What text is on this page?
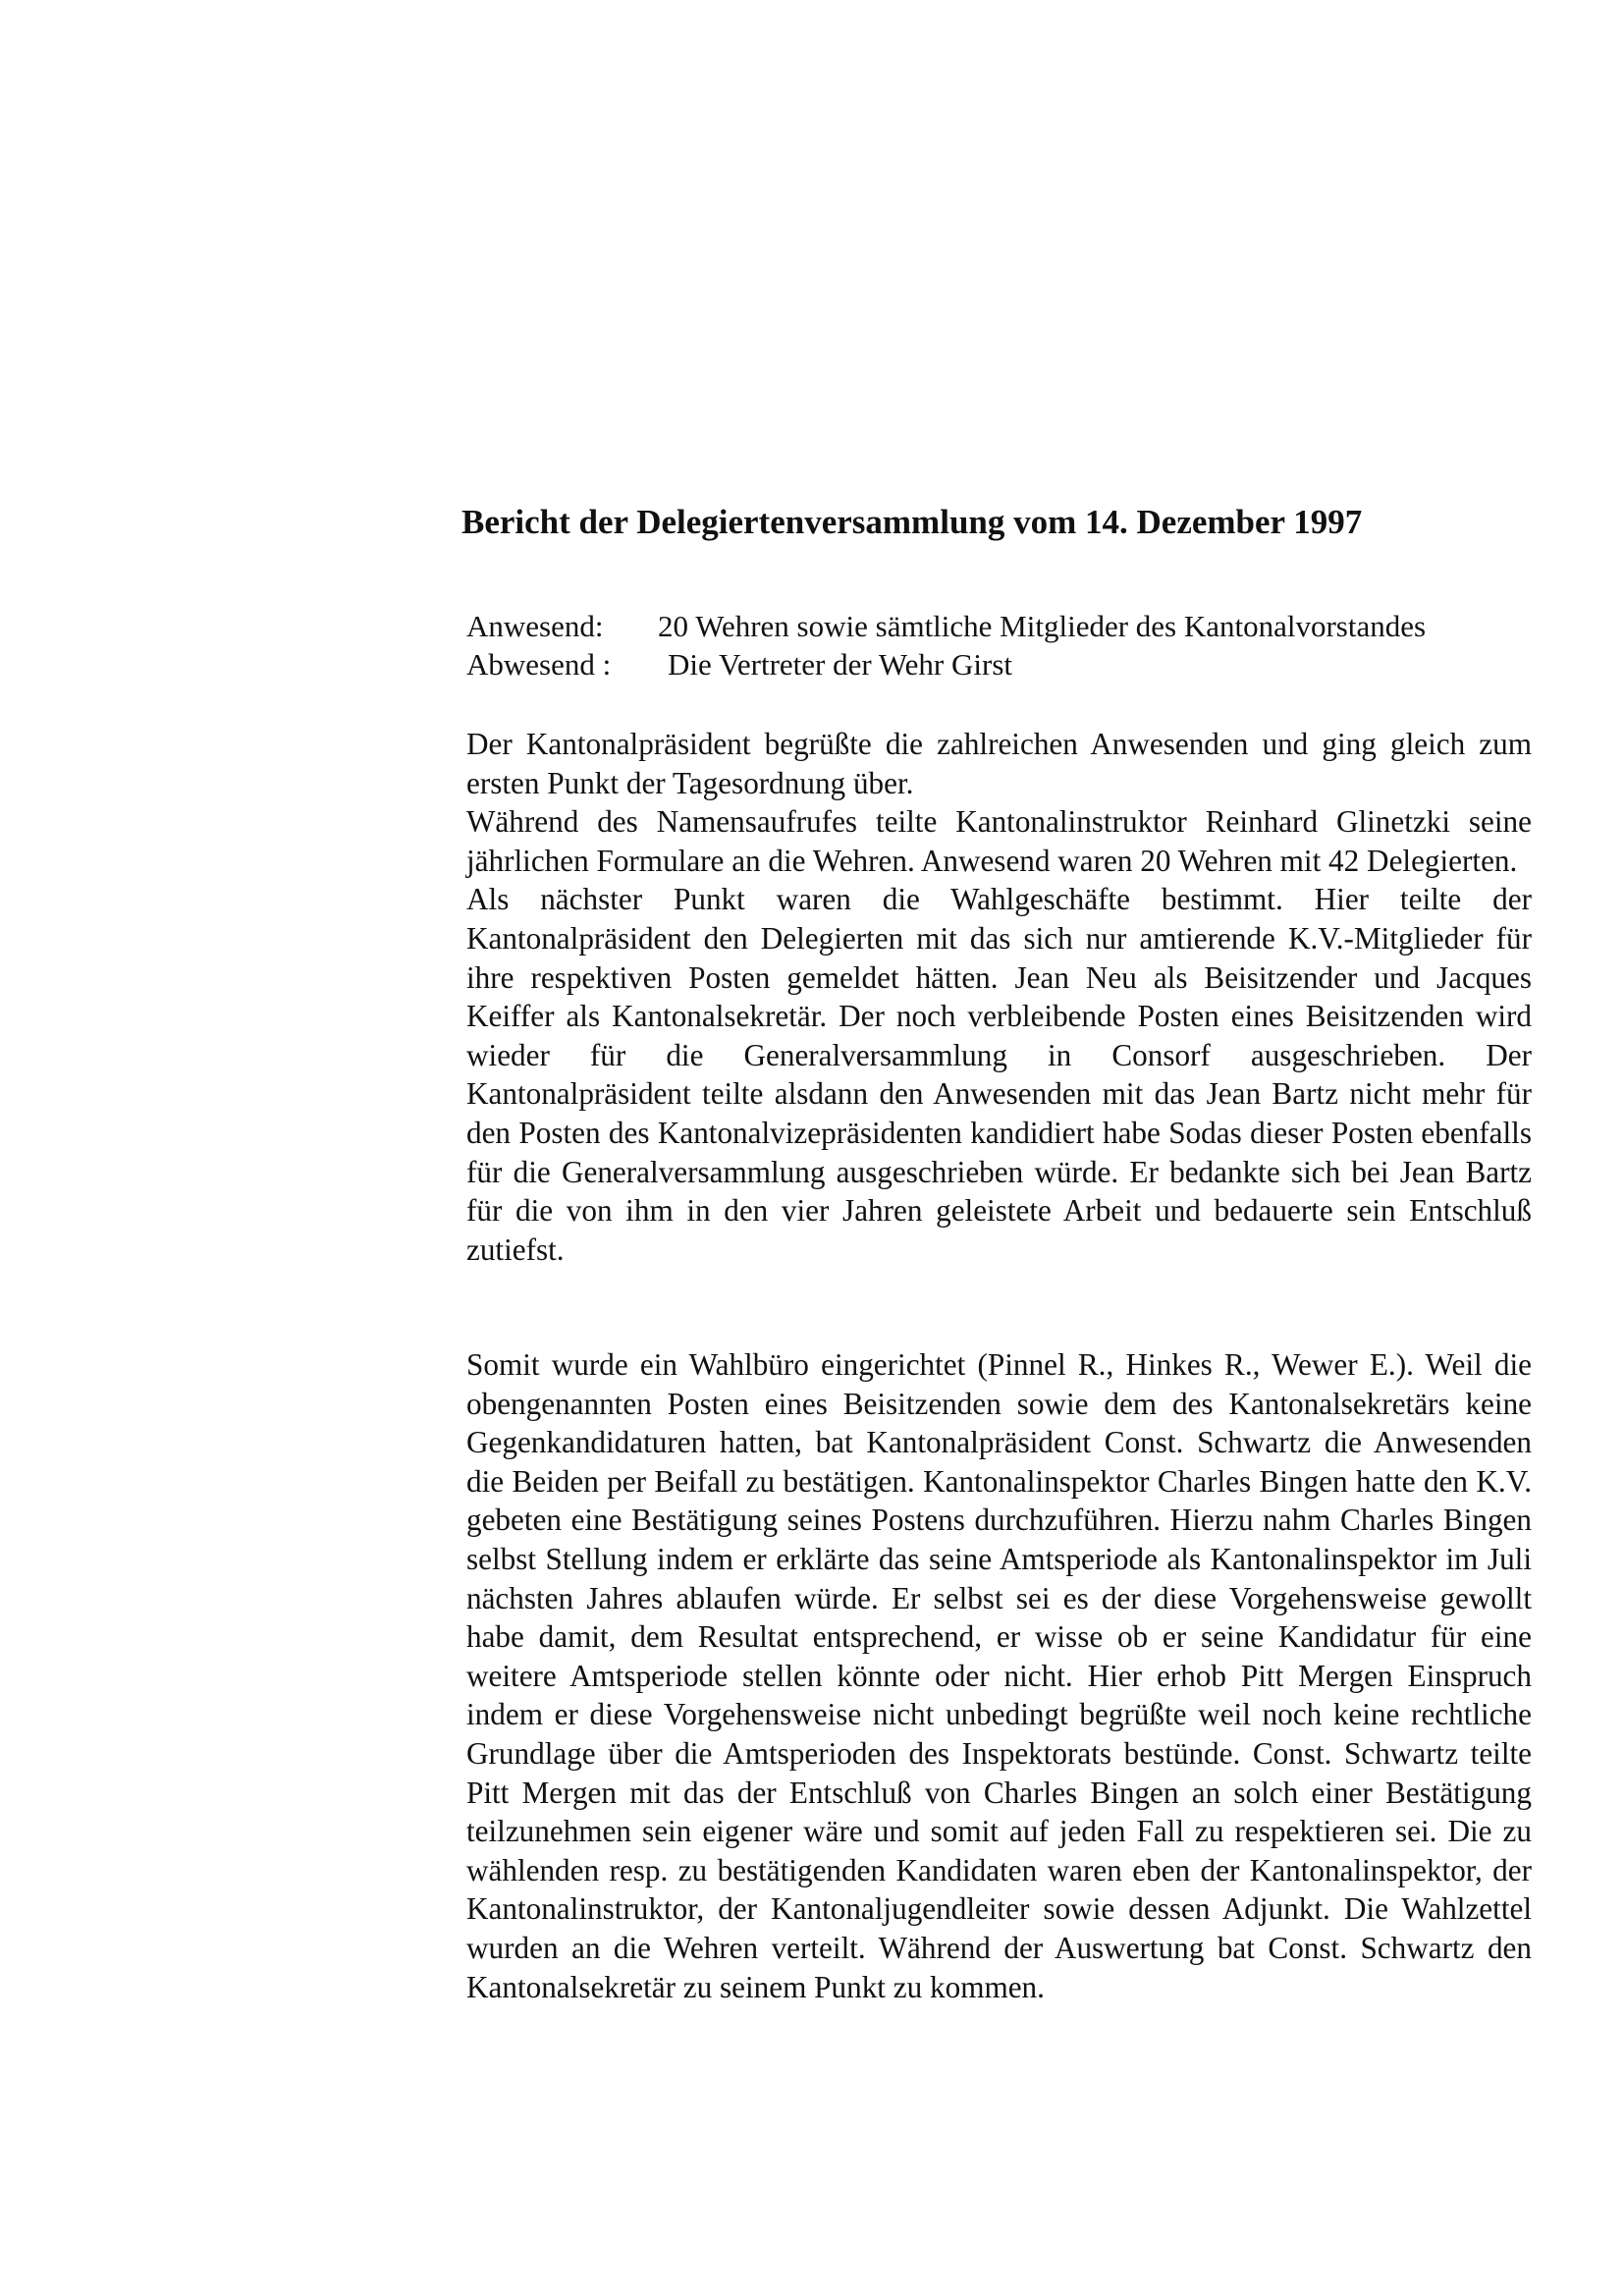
Bericht der Delegiertenversammlung vom 14. Dezember 1997
Anwesend: 20 Wehren sowie sämtliche Mitglieder des Kantonalvorstandes
Abwesend : Die Vertreter der Wehr Girst

Der Kantonalpräsident begrüßte die zahlreichen Anwesenden und ging gleich zum ersten Punkt der Tagesordnung über.

Während des Namensaufrufes teilte Kantonalinstruktor Reinhard Glinetzki seine jährlichen Formulare an die Wehren. Anwesend waren 20 Wehren mit 42 Delegierten.

Als nächster Punkt waren die Wahlgeschäfte bestimmt. Hier teilte der Kantonalpräsident den Delegierten mit das sich nur amtierende K.V.-Mitglieder für ihre respektiven Posten gemeldet hätten. Jean Neu als Beisitzender und Jacques Keiffer als Kantonalsekretär. Der noch verbleibende Posten eines Beisitzenden wird wieder für die Generalversammlung in Consorf ausgeschrieben. Der Kantonalpräsident teilte alsdann den Anwesenden mit das Jean Bartz nicht mehr für den Posten des Kantonalvizepräsidenten kandidiert habe Sodas dieser Posten ebenfalls für die Generalversammlung ausgeschrieben würde. Er bedankte sich bei Jean Bartz für die von ihm in den vier Jahren geleistete Arbeit und bedauerte sein Entschluß zutiefst.

Somit wurde ein Wahlbüro eingerichtet (Pinnel R., Hinkes R., Wewer E.). Weil die obengenannten Posten eines Beisitzenden sowie dem des Kantonalsekretärs keine Gegenkandidaturen hatten, bat Kantonalpräsident Const. Schwartz die Anwesenden die Beiden per Beifall zu bestätigen. Kantonalinspektor Charles Bingen hatte den K.V. gebeten eine Bestätigung seines Postens durchzuführen. Hierzu nahm Charles Bingen selbst Stellung indem er erklärte das seine Amtsperiode als Kantonalinspektor im Juli nächsten Jahres ablaufen würde. Er selbst sei es der diese Vorgehensweise gewollt habe damit, dem Resultat entsprechend, er wisse ob er seine Kandidatur für eine weitere Amtsperiode stellen könnte oder nicht. Hier erhob Pitt Mergen Einspruch indem er diese Vorgehensweise nicht unbedingt begrüßte weil noch keine rechtliche Grundlage über die Amtsperioden des Inspektorats bestünde. Const. Schwartz teilte Pitt Mergen mit das der Entschluß von Charles Bingen an solch einer Bestätigung teilzunehmen sein eigener wäre und somit auf jeden Fall zu respektieren sei. Die zu wählenden resp. zu bestätigenden Kandidaten waren eben der Kantonalinspektor, der Kantonalinstruktor, der Kantonaljugendleiter sowie dessen Adjunkt. Die Wahlzettel wurden an die Wehren verteilt. Während der Auswertung bat Const. Schwartz den Kantonalsekretär zu seinem Punkt zu kommen.
